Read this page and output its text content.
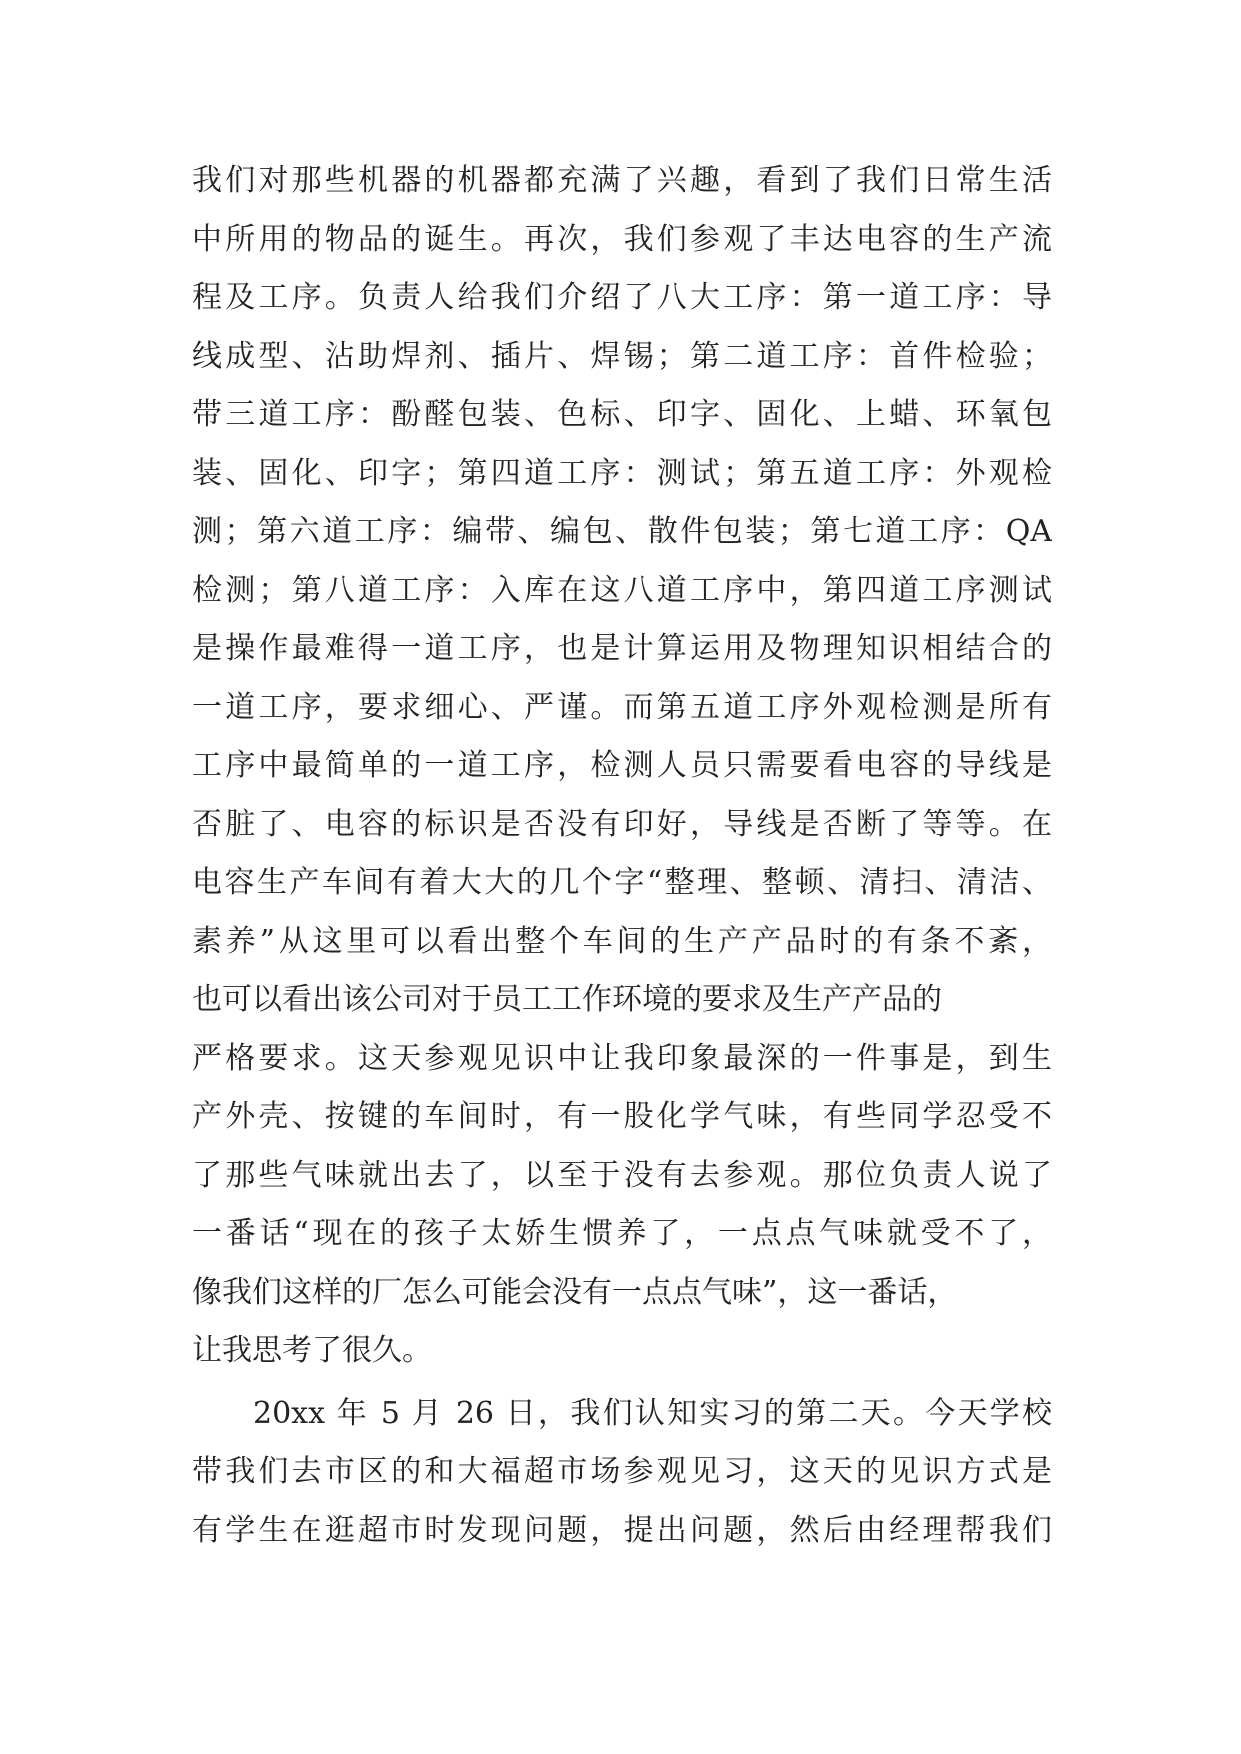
我们对那些机器的机器都充满了兴趣，看到了我们日常生活
中所用的物品的诞生。再次，我们参观了丰达电容的生产流
程及工序。负责人给我们介绍了八大工序：第一道工序：导
线成型、沾助焊剂、插片、焊锡；第二道工序：首件检验；
带三道工序：酚醛包装、色标、印字、固化、上蜡、环氧包
装、固化、印字；第四道工序：测试；第五道工序：外观检
测；第六道工序：编带、编包、散件包装；第七道工序：QA
检测；第八道工序：入库在这八道工序中，第四道工序测试
是操作最难得一道工序，也是计算运用及物理知识相结合的
一道工序，要求细心、严谨。而第五道工序外观检测是所有
工序中最简单的一道工序，检测人员只需要看电容的导线是
否脏了、电容的标识是否没有印好，导线是否断了等等。在
电容生产车间有着大大的几个字“整理、整顿、清扫、清洁、
素养”从这里可以看出整个车间的生产产品时的有条不紊，
也可以看出该公司对于员工工作环境的要求及生产产品的
严格要求。这天参观见识中让我印象最深的一件事是，到生
产外壳、按键的车间时，有一股化学气味，有些同学忍受不
了那些气味就出去了，以至于没有去参观。那位负责人说了
一番话“现在的孩子太娇生惯养了，一点点气味就受不了，
像我们这样的厂怎么可能会没有一点点气味”，这一番话，
让我思考了很久。
20xx 年 5 月 26 日，我们认知实习的第二天。今天学校
带我们去市区的和大福超市场参观见习，这天的见识方式是
有学生在逛超市时发现问题，提出问题，然后由经理帮我们
